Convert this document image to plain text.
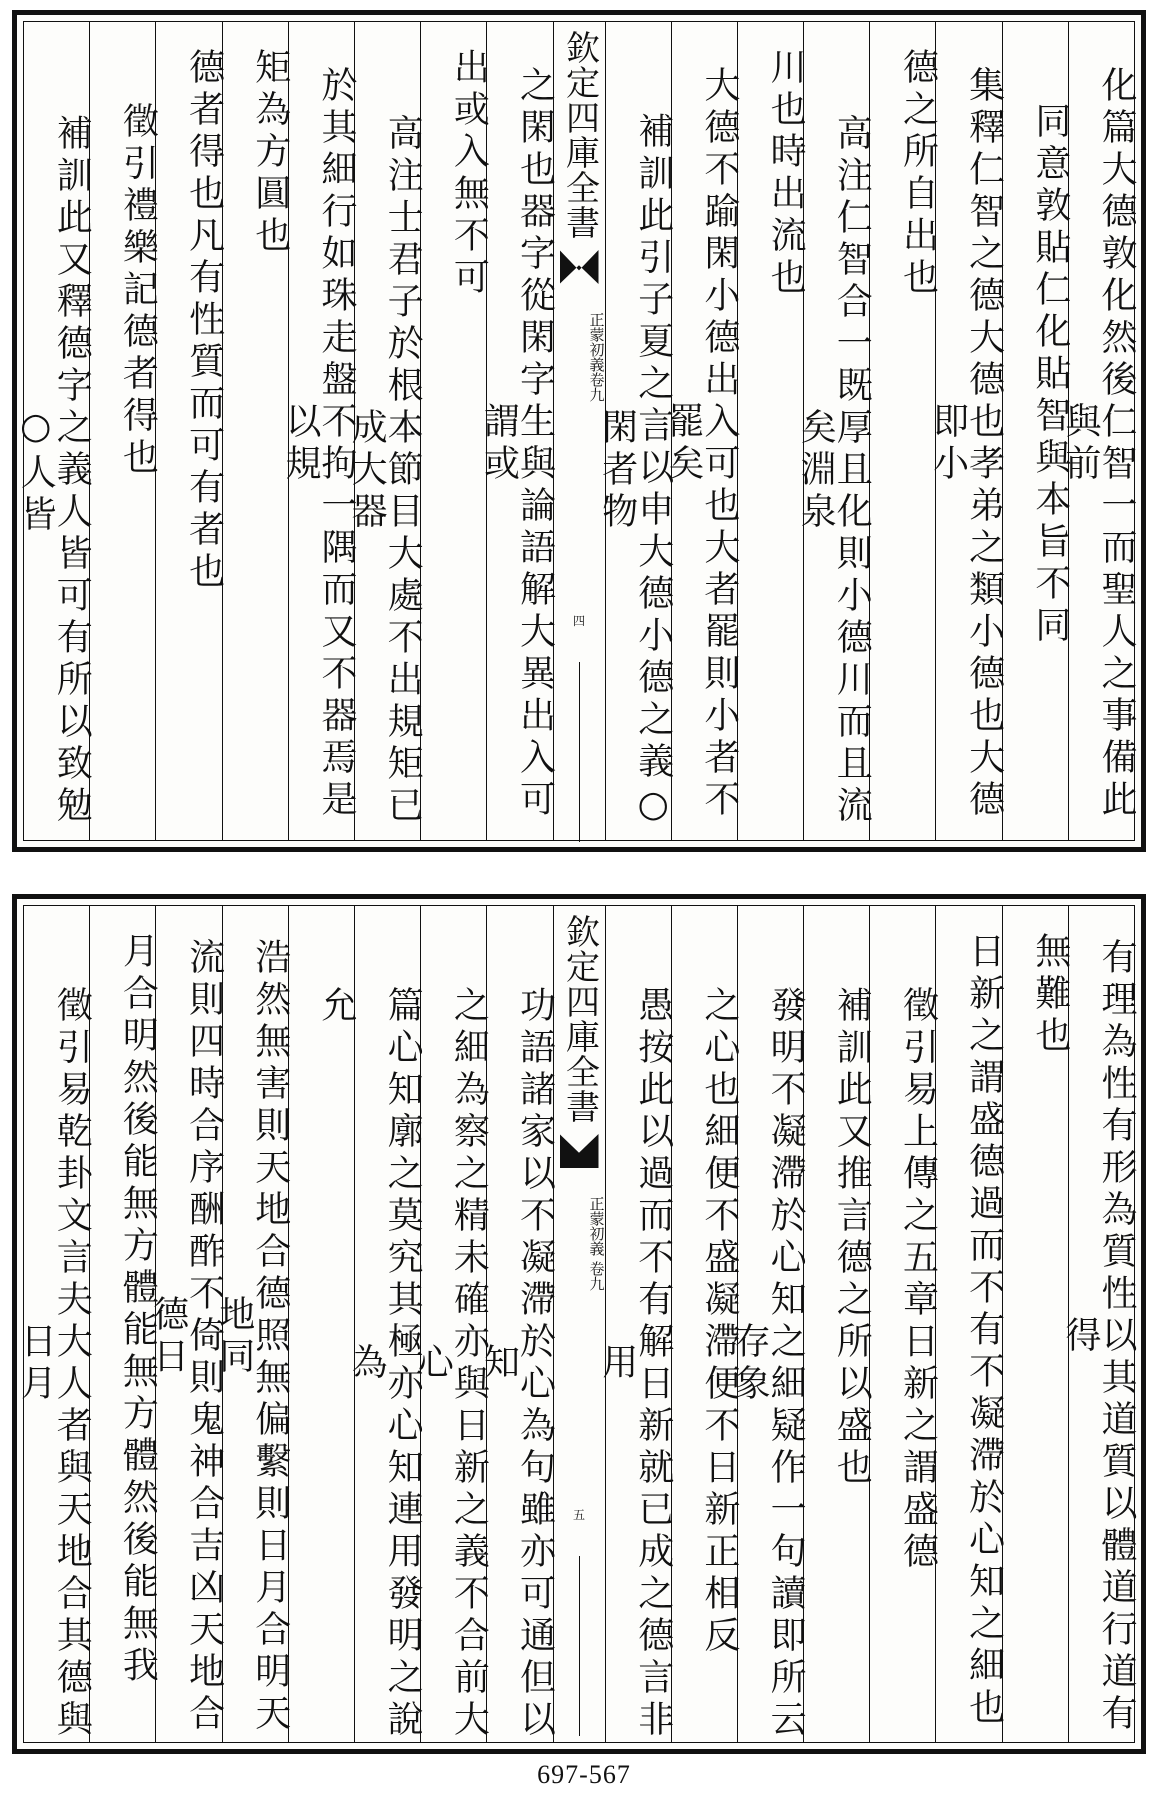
化篇大德敦化然後仁智一而聖人之事備此與前
同意敦貼仁化貼智與本旨不同
集釋仁智之德大德也孝弟之類小德也大德即小
德之所自出也
高注仁智合一既厚且化則小德川而且流矣淵泉
川也時出流也
大德不踰閑小德出入可也大者罷則小者不罷矣
補訓此引子夏之言以申大德小德之義○閑者物
欽定四庫全書
正蒙初義
卷九
四
之閑也器字從閑字生與論語解大異出入可謂或
出或入無不可
高注士君子於根本節目大處不出規矩已成大器
於其細行如珠走盤不拘一隅而又不器焉是以規
矩為方圓也
德者得也凡有性質而可有者也
徵引禮樂記德者得也
補訓此又釋德字之義人皆可有所以致勉○人皆
有理為性有形為質性以其道質以體道行道有得
無難也
日新之謂盛德過而不有不凝滯於心知之細也
徵引易上傳之五章日新之謂盛德
補訓此又推言德之所以盛也
發明不凝滯於心知之細疑作一句讀即所云存象
之心也細便不盛凝滯便不日新正相反
愚按此以過而不有解日新就已成之德言非用
欽定四庫全書
正蒙初義
卷九
五
功語諸家以不凝滯於心為句雖亦可通但以知
之細為察之精未確亦與日新之義不合前大心
篇心知廓之莫究其極亦心知連用發明之說為
允
浩然無害則天地合德照無偏繫則日月合明天地同
流則四時合序酬酢不倚則鬼神合吉凶天地合德日
月合明然後能無方體能無方體然後能無我
徵引易乾卦文言夫大人者與天地合其德與日月
697-567
